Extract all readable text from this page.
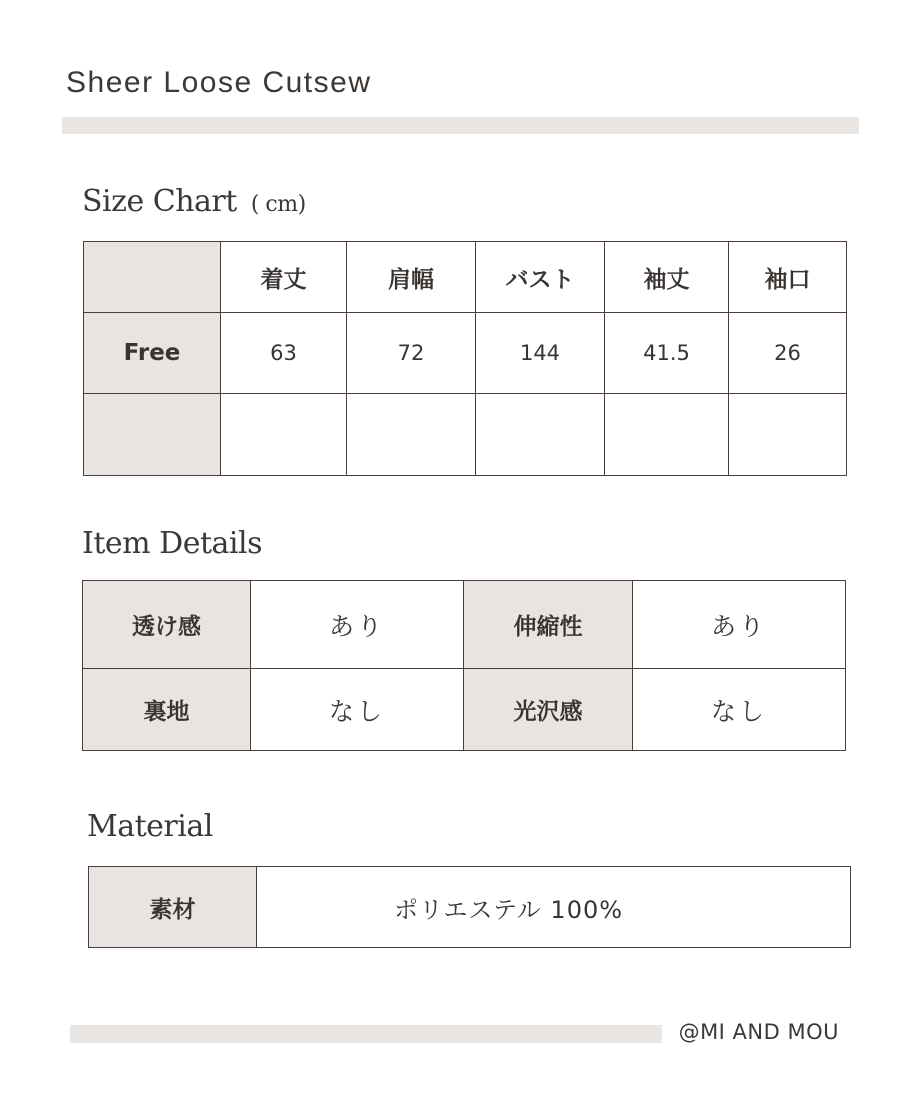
Sheer Loose Cutsew
Size Chart ( cm)
	着丈	肩幅	バスト	袖丈	袖口
Free	63	72	144	41.5	26

Item Details
透け感	あり	伸縮性	あり
裏地	なし	光沢感	なし
Material
素材	ポリエステル 100%
@MI AND MOU
